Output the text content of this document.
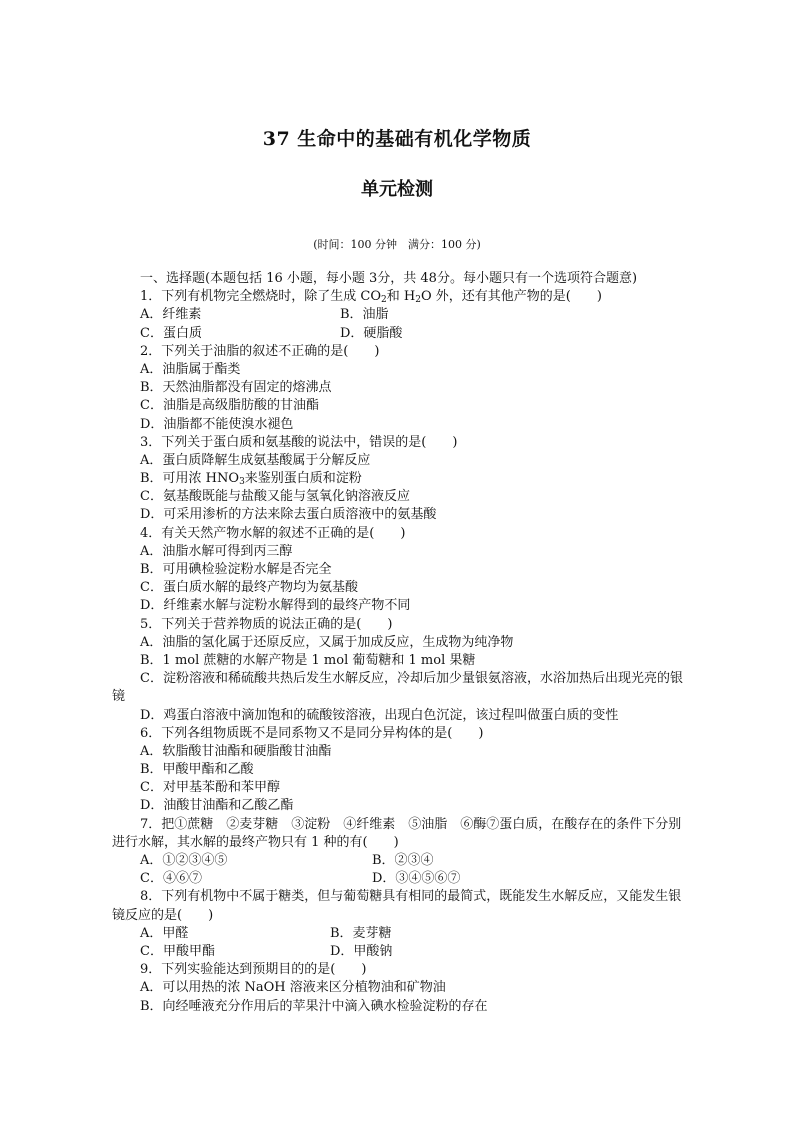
37 生命中的基础有机化学物质
单元检测
(时间：100 分钟　满分：100 分)
一、选择题(本题包括 16 小题，每小题 3分，共 48分。每小题只有一个选项符合题意)
1．下列有机物完全燃烧时，除了生成 $CO_2$和 $H_2O$ 外，还有其他产物的是(　　)
A．纤维素	B．油脂
C．蛋白质	D．硬脂酸
2．下列关于油脂的叙述不正确的是(　　)
A．油脂属于酯类
B．天然油脂都没有固定的熔沸点
C．油脂是高级脂肪酸的甘油酯
D．油脂都不能使溴水褪色
3．下列关于蛋白质和氨基酸的说法中，错误的是(　　)
A．蛋白质降解生成氨基酸属于分解反应
B．可用浓 $HNO_3$来鉴别蛋白质和淀粉
C．氨基酸既能与盐酸又能与氢氧化钠溶液反应
D．可采用渗析的方法来除去蛋白质溶液中的氨基酸
4．有关天然产物水解的叙述不正确的是(　　)
A．油脂水解可得到丙三醇
B．可用碘检验淀粉水解是否完全
C．蛋白质水解的最终产物均为氨基酸
D．纤维素水解与淀粉水解得到的最终产物不同
5．下列关于营养物质的说法正确的是(　　)
A．油脂的氢化属于还原反应，又属于加成反应，生成物为纯净物
B．1 mol 蔗糖的水解产物是 1 mol 葡萄糖和 1 mol 果糖
C．淀粉溶液和稀硫酸共热后发生水解反应，冷却后加少量银氨溶液，水浴加热后出现光亮的银镜
D．鸡蛋白溶液中滴加饱和的硫酸铵溶液，出现白色沉淀，该过程叫做蛋白质的变性
6．下列各组物质既不是同系物又不是同分异构体的是(　　)
A．软脂酸甘油酯和硬脂酸甘油酯
B．甲酸甲酯和乙酸
C．对甲基苯酚和苯甲醇
D．油酸甘油酯和乙酸乙酯
7．把①蔗糖　②麦芽糖　③淀粉　④纤维素　⑤油脂　⑥酶⑦蛋白质，在酸存在的条件下分别进行水解，其水解的最终产物只有 1 种的有(　　)
A．①②③④⑤	B．②③④
C．④⑥⑦	D．③④⑤⑥⑦
8．下列有机物中不属于糖类，但与葡萄糖具有相同的最简式，既能发生水解反应，又能发生银镜反应的是(　　)
A．甲醛	B．麦芽糖
C．甲酸甲酯	D．甲酸钠
9．下列实验能达到预期目的的是(　　)
A．可以用热的浓 NaOH 溶液来区分植物油和矿物油
B．向经唾液充分作用后的苹果汁中滴入碘水检验淀粉的存在
